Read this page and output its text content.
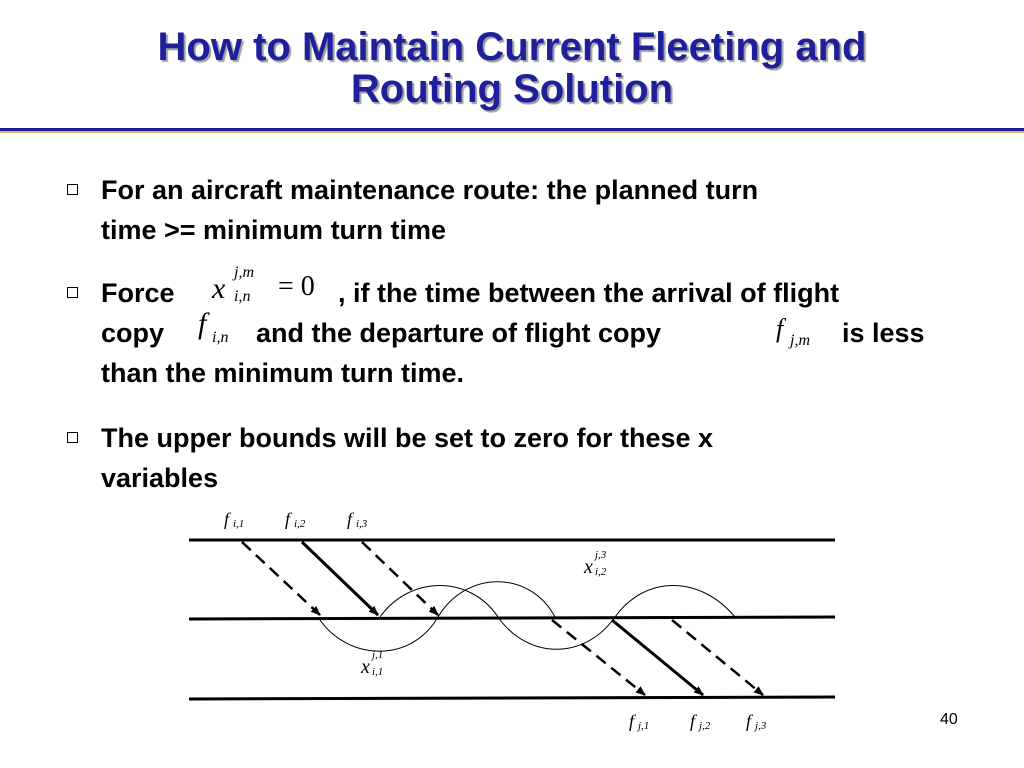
How to Maintain Current Fleeting and
Routing Solution
For an aircraft maintenance route: the planned turn
time >= minimum turn time
Force x j,m
i,n = 0 , if the time between the arrival of flight
copy f i,n and the departure of flight copy	f j,m is less
than the minimum turn time.
The upper bounds will be set to zero for these x
variables
f i,1 f i,2 f i,3
f j,1 f j,2 f j,3
x
j,3
i,2
x
j,1
i,1
40
